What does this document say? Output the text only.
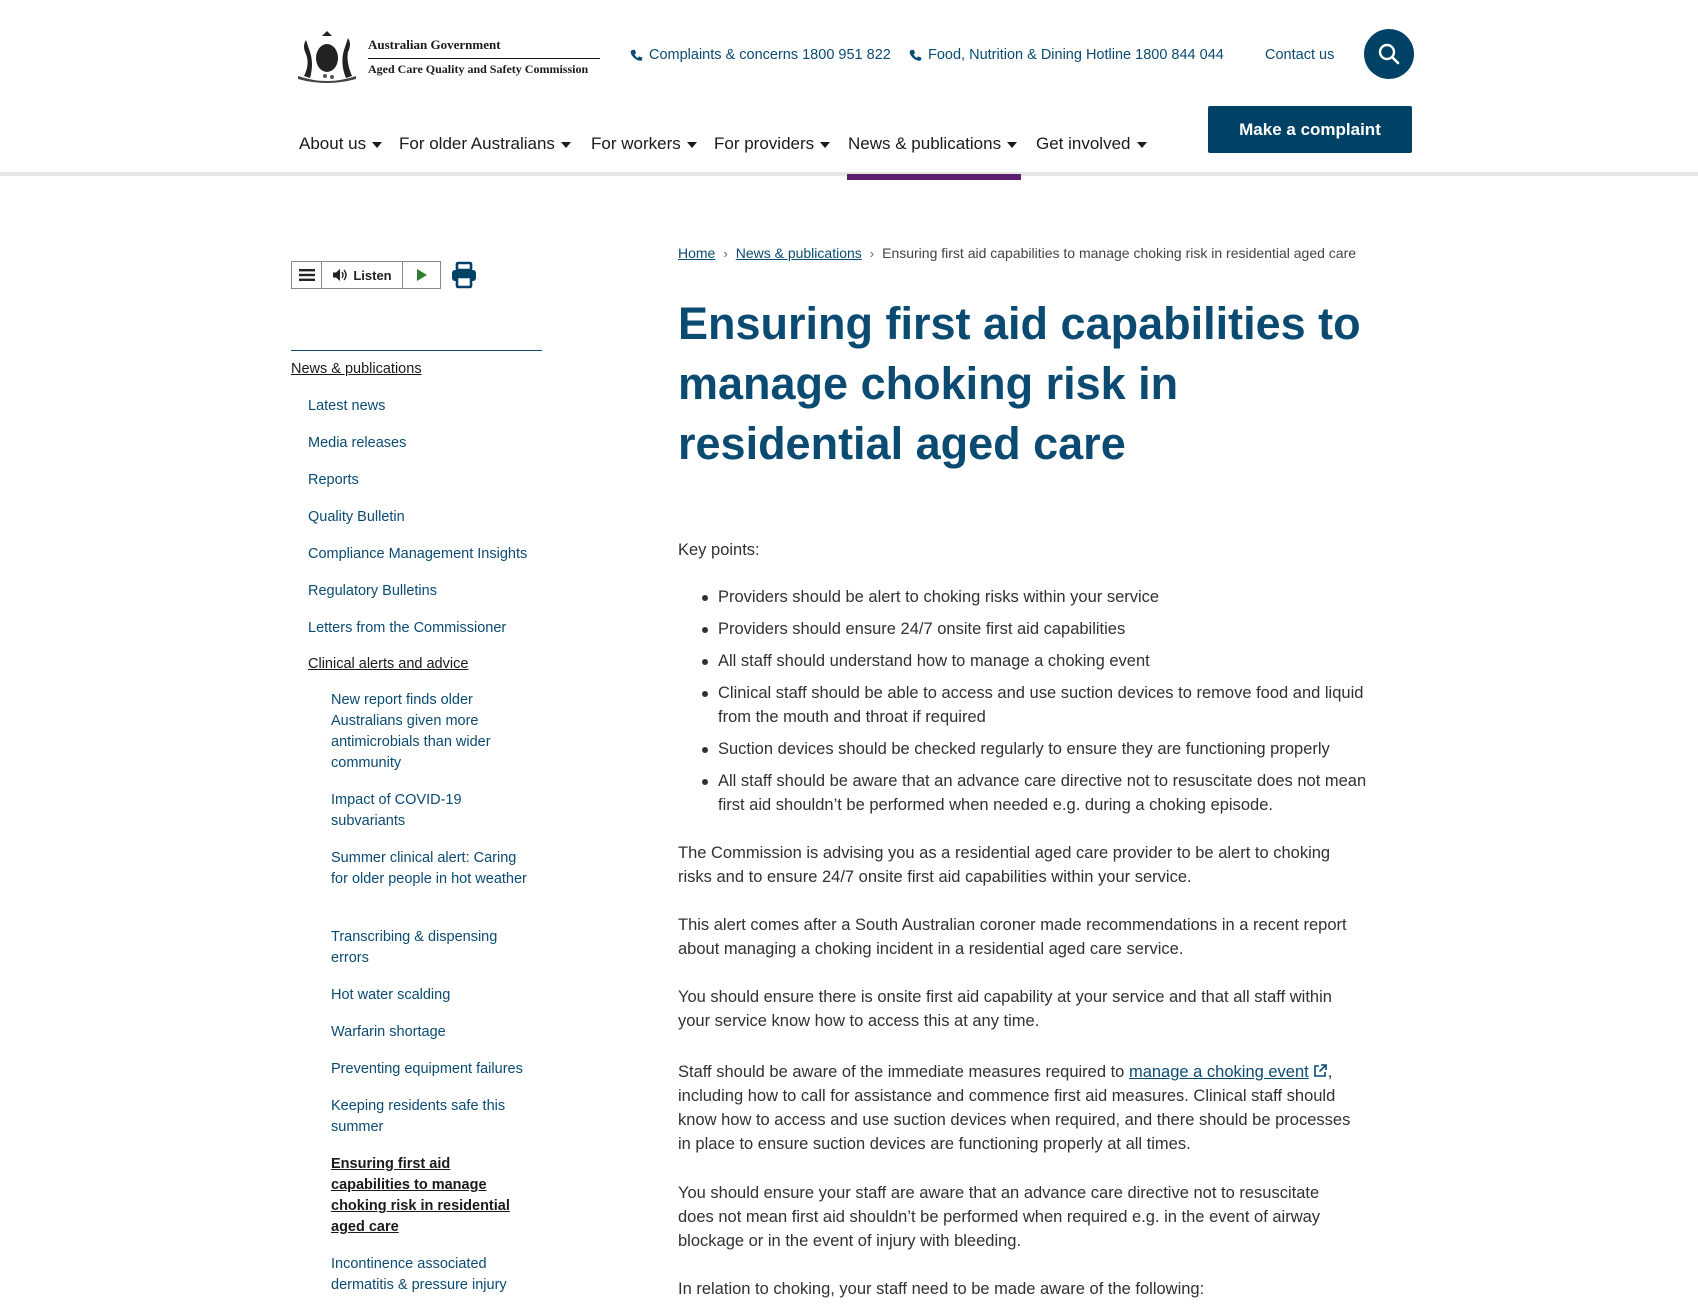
Australian Government
Aged Care Quality and Safety Commission
Complaints & concerns 1800 951 822	Food, Nutrition & Dining Hotline 1800 844 044	Contact us
Make a complaint
About us For older Australians For workers For providers News & publications Get involved
Listen
News & publications
Latest news
Media releases
Reports
Quality Bulletin
Compliance Management Insights
Regulatory Bulletins
Letters from the Commissioner
Clinical alerts and advice
New report finds older Australians given more antimicrobials than wider community
Impact of COVID-19 subvariants
Summer clinical alert: Caring for older people in hot weather
Transcribing & dispensing errors
Hot water scalding
Warfarin shortage
Preventing equipment failures
Keeping residents safe this summer
Ensuring first aid capabilities to manage choking risk in residential aged care
Incontinence associated dermatitis & pressure injury
Home › News & publications › Ensuring first aid capabilities to manage choking risk in residential aged care
Ensuring first aid capabilities to manage choking risk in residential aged care
Key points:
Providers should be alert to choking risks within your service
Providers should ensure 24/7 onsite first aid capabilities
All staff should understand how to manage a choking event
Clinical staff should be able to access and use suction devices to remove food and liquid from the mouth and throat if required
Suction devices should be checked regularly to ensure they are functioning properly
All staff should be aware that an advance care directive not to resuscitate does not mean first aid shouldn’t be performed when needed e.g. during a choking episode.

The Commission is advising you as a residential aged care provider to be alert to choking risks and to ensure 24/7 onsite first aid capabilities within your service.

This alert comes after a South Australian coroner made recommendations in a recent report about managing a choking incident in a residential aged care service.

You should ensure there is onsite first aid capability at your service and that all staff within your service know how to access this at any time.

Staff should be aware of the immediate measures required to manage a choking event , including how to call for assistance and commence first aid measures. Clinical staff should know how to access and use suction devices when required, and there should be processes in place to ensure suction devices are functioning properly at all times.

You should ensure your staff are aware that an advance care directive not to resuscitate does not mean first aid shouldn’t be performed when required e.g. in the event of airway blockage or in the event of injury with bleeding.

In relation to choking, your staff need to be made aware of the following:
